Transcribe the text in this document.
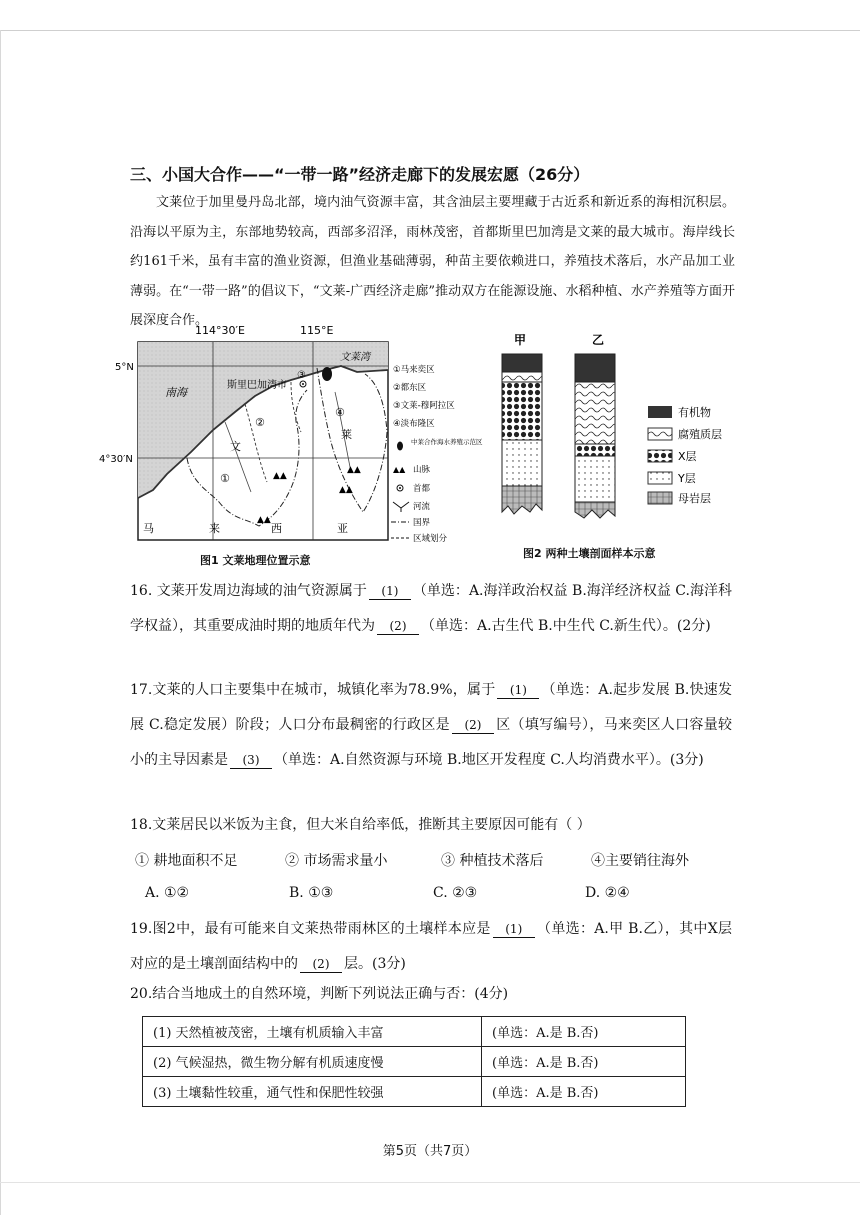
三、小国大合作——“一带一路”经济走廊下的发展宏愿（26分）
文莱位于加里曼丹岛北部，境内油气资源丰富，其含油层主要埋藏于古近系和新近系的海相沉积层。沿海以平原为主，东部地势较高，西部多沼泽，雨林茂密，首都斯里巴加湾是文莱的最大城市。海岸线长约161千米，虽有丰富的渔业资源，但渔业基础薄弱，种苗主要依赖进口，养殖技术落后，水产品加工业薄弱。在“一带一路”的倡议下，“文莱-广西经济走廊”推动双方在能源设施、水稻种植、水产养殖等方面开展深度合作。
114°30′E	115°E
5°N
4°30′N
▲▲
▲▲
▲▲
▲▲
南海
文莱湾
斯里巴加湾市
文
莱
①
②
③
④
马	来	西	亚
①马来奕区
②都东区
③文莱-穆阿拉区
④淡布隆区
中莱合作海水养殖示范区
▲▲ 山脉
首都
河流
国界
区域划分
图1 文莱地理位置示意
甲	乙
有机物
腐殖质层
X层
Y层
母岩层
图2 两种土壤剖面样本示意
16. 文莱开发周边海域的油气资源属于 (1) （单选：A.海洋政治权益 B.海洋经济权益 C.海洋科学权益），其重要成油时期的地质年代为 (2) （单选：A.古生代 B.中生代 C.新生代）。(2分)
17.文莱的人口主要集中在城市，城镇化率为78.9%，属于 (1) （单选：A.起步发展 B.快速发展 C.稳定发展）阶段；人口分布最稠密的行政区是 (2) 区（填写编号），马来奕区人口容量较小的主导因素是 (3) （单选：A.自然资源与环境 B.地区开发程度 C.人均消费水平）。(3分)
18.文莱居民以米饭为主食，但大米自给率低，推断其主要原因可能有（ ）
① 耕地面积不足	② 市场需求量小	③ 种植技术落后	④主要销往海外
A. ①②	B. ①③	C. ②③	D. ②④
19.图2中，最有可能来自文莱热带雨林区的土壤样本应是 (1) （单选：A.甲 B.乙），其中X层对应的是土壤剖面结构中的 (2) 层。(3分)
20.结合当地成土的自然环境，判断下列说法正确与否：(4分)
(1) 天然植被茂密，土壤有机质输入丰富	(单选：A.是 B.否)
(2) 气候湿热，微生物分解有机质速度慢	(单选：A.是 B.否)
(3) 土壤黏性较重，通气性和保肥性较强	(单选：A.是 B.否)
第5页（共7页）
